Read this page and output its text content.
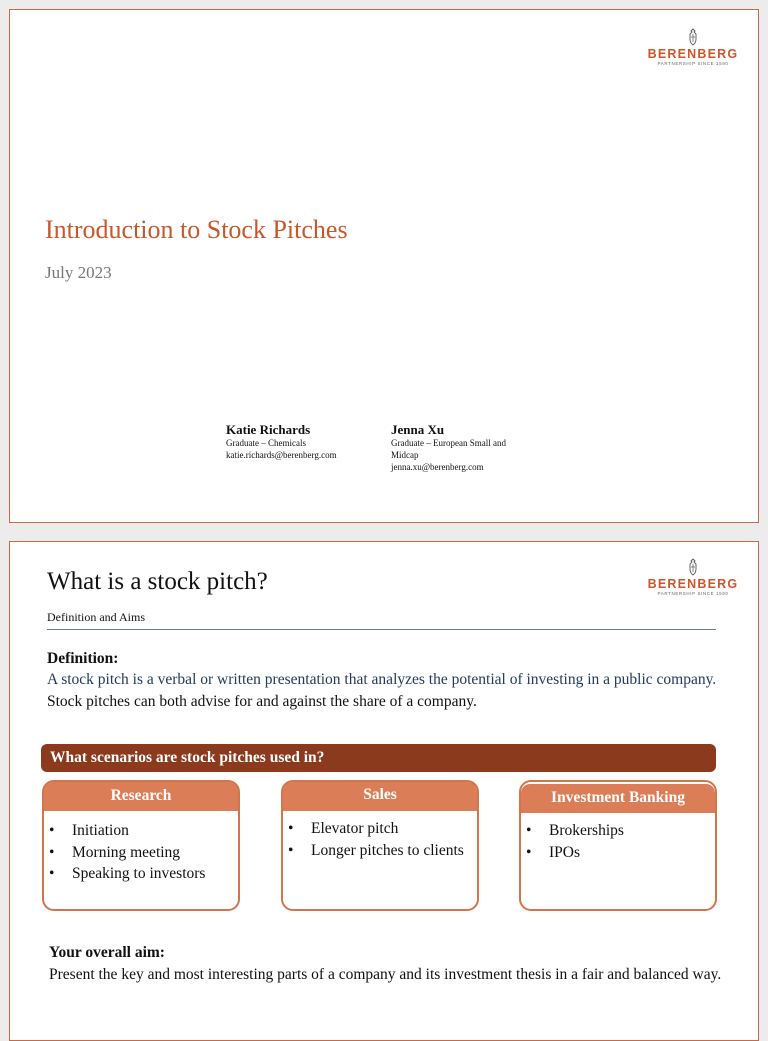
BERENBERG
PARTNERSHIP SINCE 1590
Introduction to Stock Pitches
July 2023
Katie Richards
Graduate – Chemicals
katie.richards@berenberg.com
Jenna Xu
Graduate – European Small and Midcap
jenna.xu@berenberg.com
BERENBERG
PARTNERSHIP SINCE 1590
What is a stock pitch?
Definition and Aims
Definition:
A stock pitch is a verbal or written presentation that analyzes the potential of investing in a public company. Stock pitches can both advise for and against the share of a company.
What scenarios are stock pitches used in?
Research
• Initiation
• Morning meeting
• Speaking to investors
Sales
• Elevator pitch
• Longer pitches to clients
Investment Banking
• Brokerships
• IPOs
Your overall aim:
Present the key and most interesting parts of a company and its investment thesis in a fair and balanced way.
